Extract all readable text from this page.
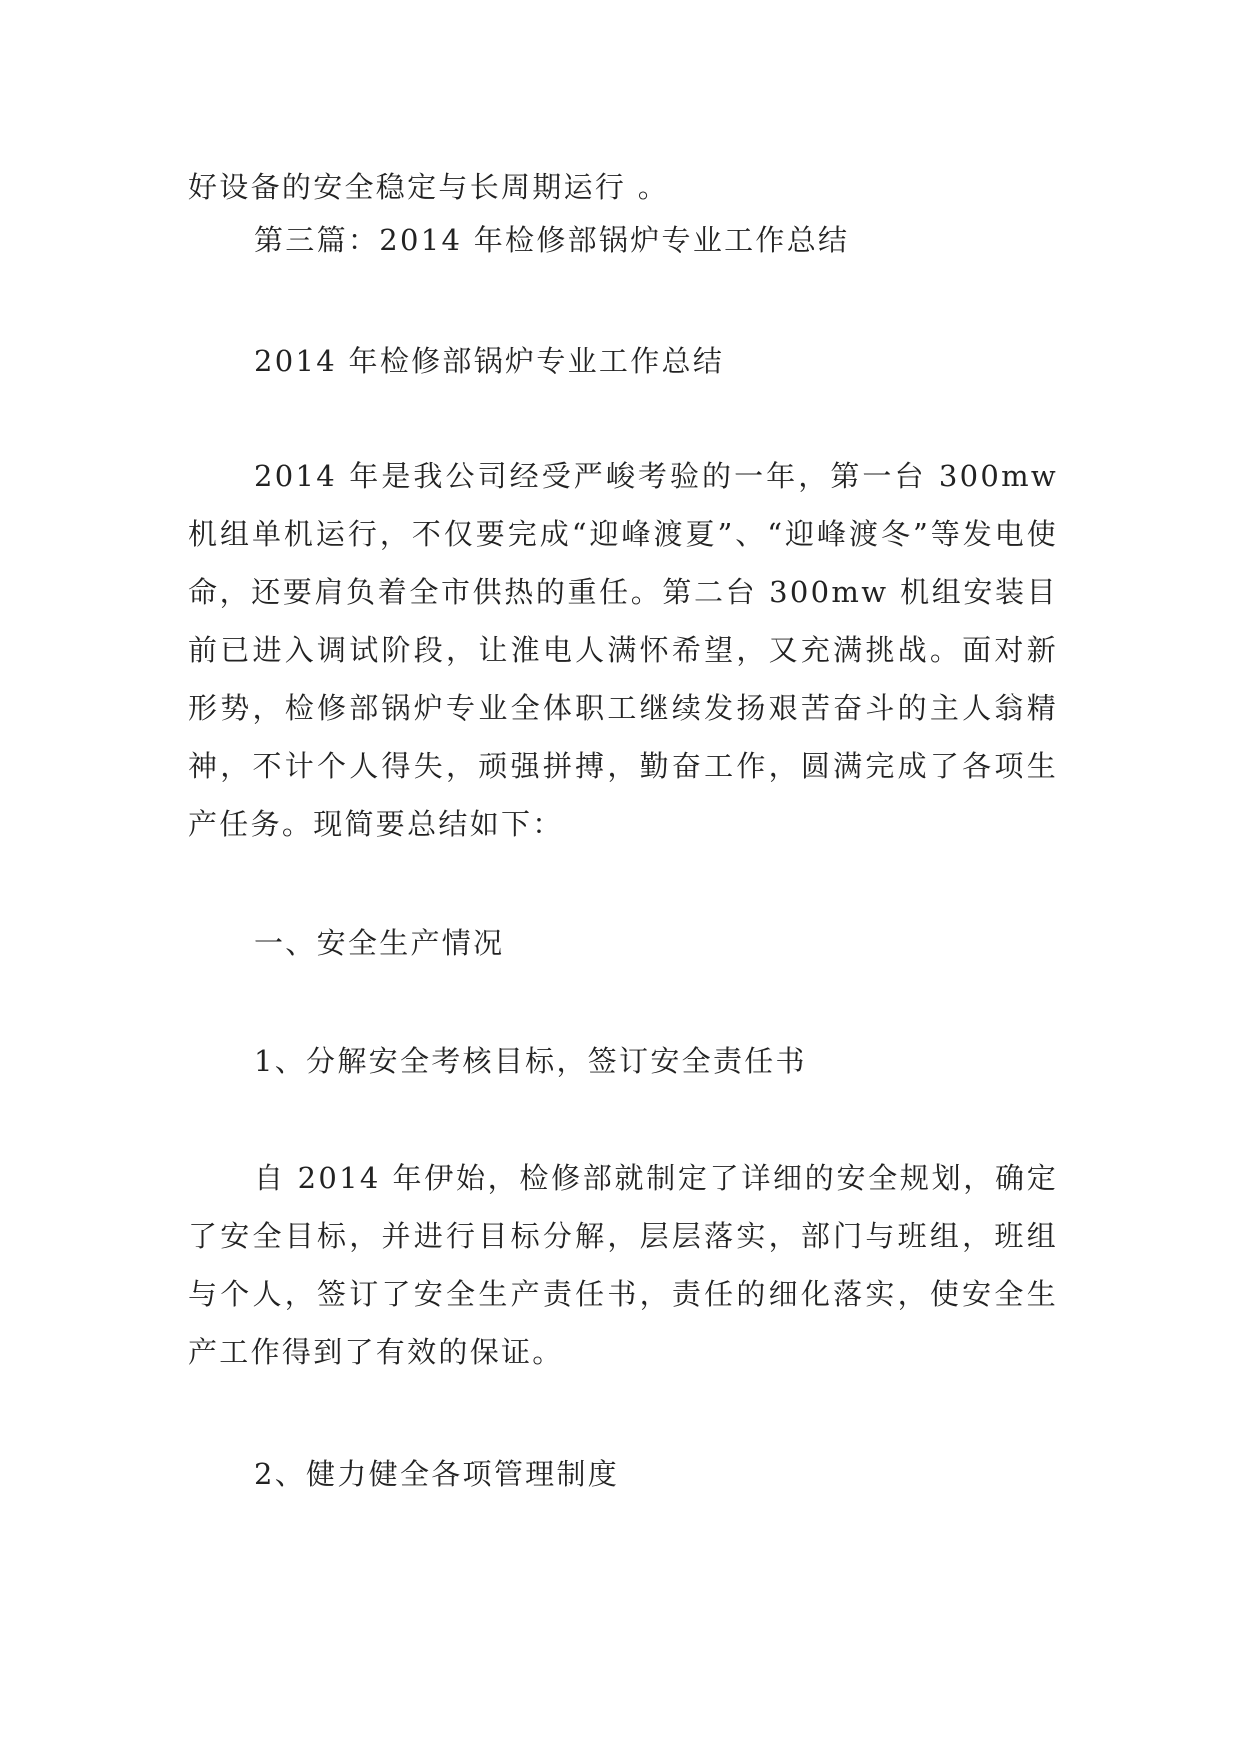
好设备的安全稳定与长周期运行 。

第三篇：2014 年检修部锅炉专业工作总结

2014 年检修部锅炉专业工作总结

2014 年是我公司经受严峻考验的一年，第一台 300mw 机组单机运行，不仅要完成“迎峰渡夏”、“迎峰渡冬”等发电使命，还要肩负着全市供热的重任。第二台 300mw 机组安装目前已进入调试阶段，让淮电人满怀希望，又充满挑战。面对新形势，检修部锅炉专业全体职工继续发扬艰苦奋斗的主人翁精神，不计个人得失，顽强拼搏，勤奋工作，圆满完成了各项生产任务。现简要总结如下：

一、安全生产情况

1、分解安全考核目标，签订安全责任书

自 2014 年伊始，检修部就制定了详细的安全规划，确定了安全目标，并进行目标分解，层层落实，部门与班组，班组与个人，签订了安全生产责任书，责任的细化落实，使安全生产工作得到了有效的保证。

2、健力健全各项管理制度
